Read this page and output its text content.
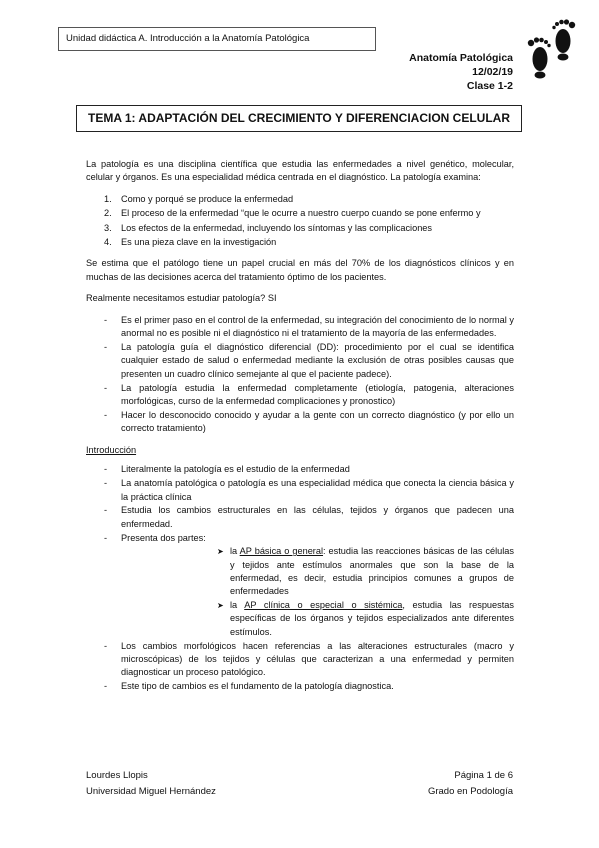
Unidad didáctica A. Introducción a la Anatomía Patológica
Anatomía Patológica
12/02/19
Clase 1-2
TEMA 1: ADAPTACIÓN DEL CRECIMIENTO Y DIFERENCIACION CELULAR

La patología es una disciplina científica que estudia las enfermedades a nivel genético, molecular, celular y órganos. Es una especialidad médica centrada en el diagnóstico. La patología examina:

1. Como y porqué se produce la enfermedad
2. El proceso de la enfermedad “que le ocurre a nuestro cuerpo cuando se pone enfermo y
3. Los efectos de la enfermedad, incluyendo los síntomas y las complicaciones
4. Es una pieza clave en la investigación

Se estima que el patólogo tiene un papel crucial en más del 70% de los diagnósticos clínicos y en muchas de las decisiones acerca del tratamiento óptimo de los pacientes.

Realmente necesitamos estudiar patología? SI

- Es el primer paso en el control de la enfermedad, su integración del conocimiento de lo normal y anormal no es posible ni el diagnóstico ni el tratamiento de la mayoría de las enfermedades.
- La patología guía el diagnóstico diferencial (DD): procedimiento por el cual se identifica cualquier estado de salud o enfermedad mediante la exclusión de otras posibles causas que presenten un cuadro clínico semejante al que el paciente padece).
- La patología estudia la enfermedad completamente (etiología, patogenia, alteraciones morfológicas, curso de la enfermedad complicaciones y pronostico)
- Hacer lo desconocido conocido y ayudar a la gente con un correcto diagnóstico (y por ello un correcto tratamiento)

Introducción

- Literalmente la patología es el estudio de la enfermedad
- La anatomía patológica o patología es una especialidad médica que conecta la ciencia básica y la práctica clínica
- Estudia los cambios estructurales en las células, tejidos y órganos que padecen una enfermedad.
- Presenta dos partes:
➤ la AP básica o general: estudia las reacciones básicas de las células y tejidos ante estímulos anormales que son la base de la enfermedad, es decir, estudia principios comunes a grupos de enfermedades
➤ la AP clínica o especial o sistémica, estudia las respuestas específicas de los órganos y tejidos especializados ante diferentes estímulos.
- Los cambios morfológicos hacen referencias a las alteraciones estructurales (macro y microscópicas) de los tejidos y células que caracterizan a una enfermedad y permiten diagnosticar un proceso patológico.
- Este tipo de cambios es el fundamento de la patología diagnostica.
Lourdes Llopis
Universidad Miguel Hernández
Página 1 de 6
Grado en Podología
